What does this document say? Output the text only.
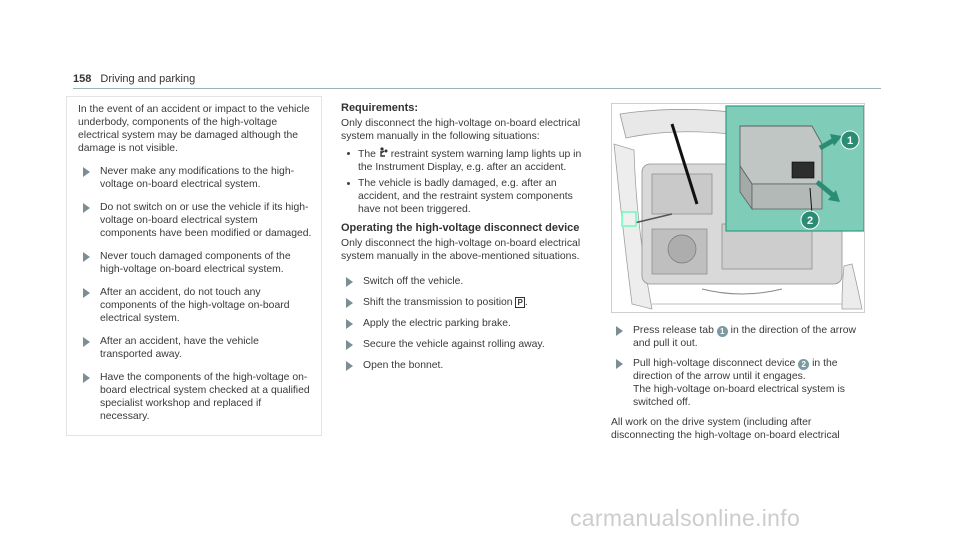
158 Driving and parking

In the event of an accident or impact to the vehicle underbody, components of the high-voltage electrical system may be damaged although the damage is not visible.

Never make any modifications to the high-voltage on-board electrical system.
Do not switch on or use the vehicle if its high-voltage on-board electrical system components have been modified or damaged.
Never touch damaged components of the high-voltage on-board electrical system.
After an accident, do not touch any components of the high-voltage on-board electrical system.
After an accident, have the vehicle transported away.
Have the components of the high-voltage on-board electrical system checked at a qualified specialist workshop and replaced if necessary.
Requirements:

Only disconnect the high-voltage on-board electrical system manually in the following situations:

The restraint system warning lamp lights up in the Instrument Display, e.g. after an accident.
The vehicle is badly damaged, e.g. after an accident, and the restraint system components have not been triggered.
Operating the high-voltage disconnect device

Only disconnect the high-voltage on-board electrical system manually in the above-mentioned situations.

Switch off the vehicle.
Shift the transmission to position P .
Apply the electric parking brake.
Secure the vehicle against rolling away.
Open the bonnet.
1
2
Press release tab 1 in the direction of the arrow and pull it out.
Pull high-voltage disconnect device 2 in the direction of the arrow until it engages.
The high-voltage on-board electrical system is switched off.

All work on the drive system (including after disconnecting the high-voltage on-board electrical

carmanualsonline.info
